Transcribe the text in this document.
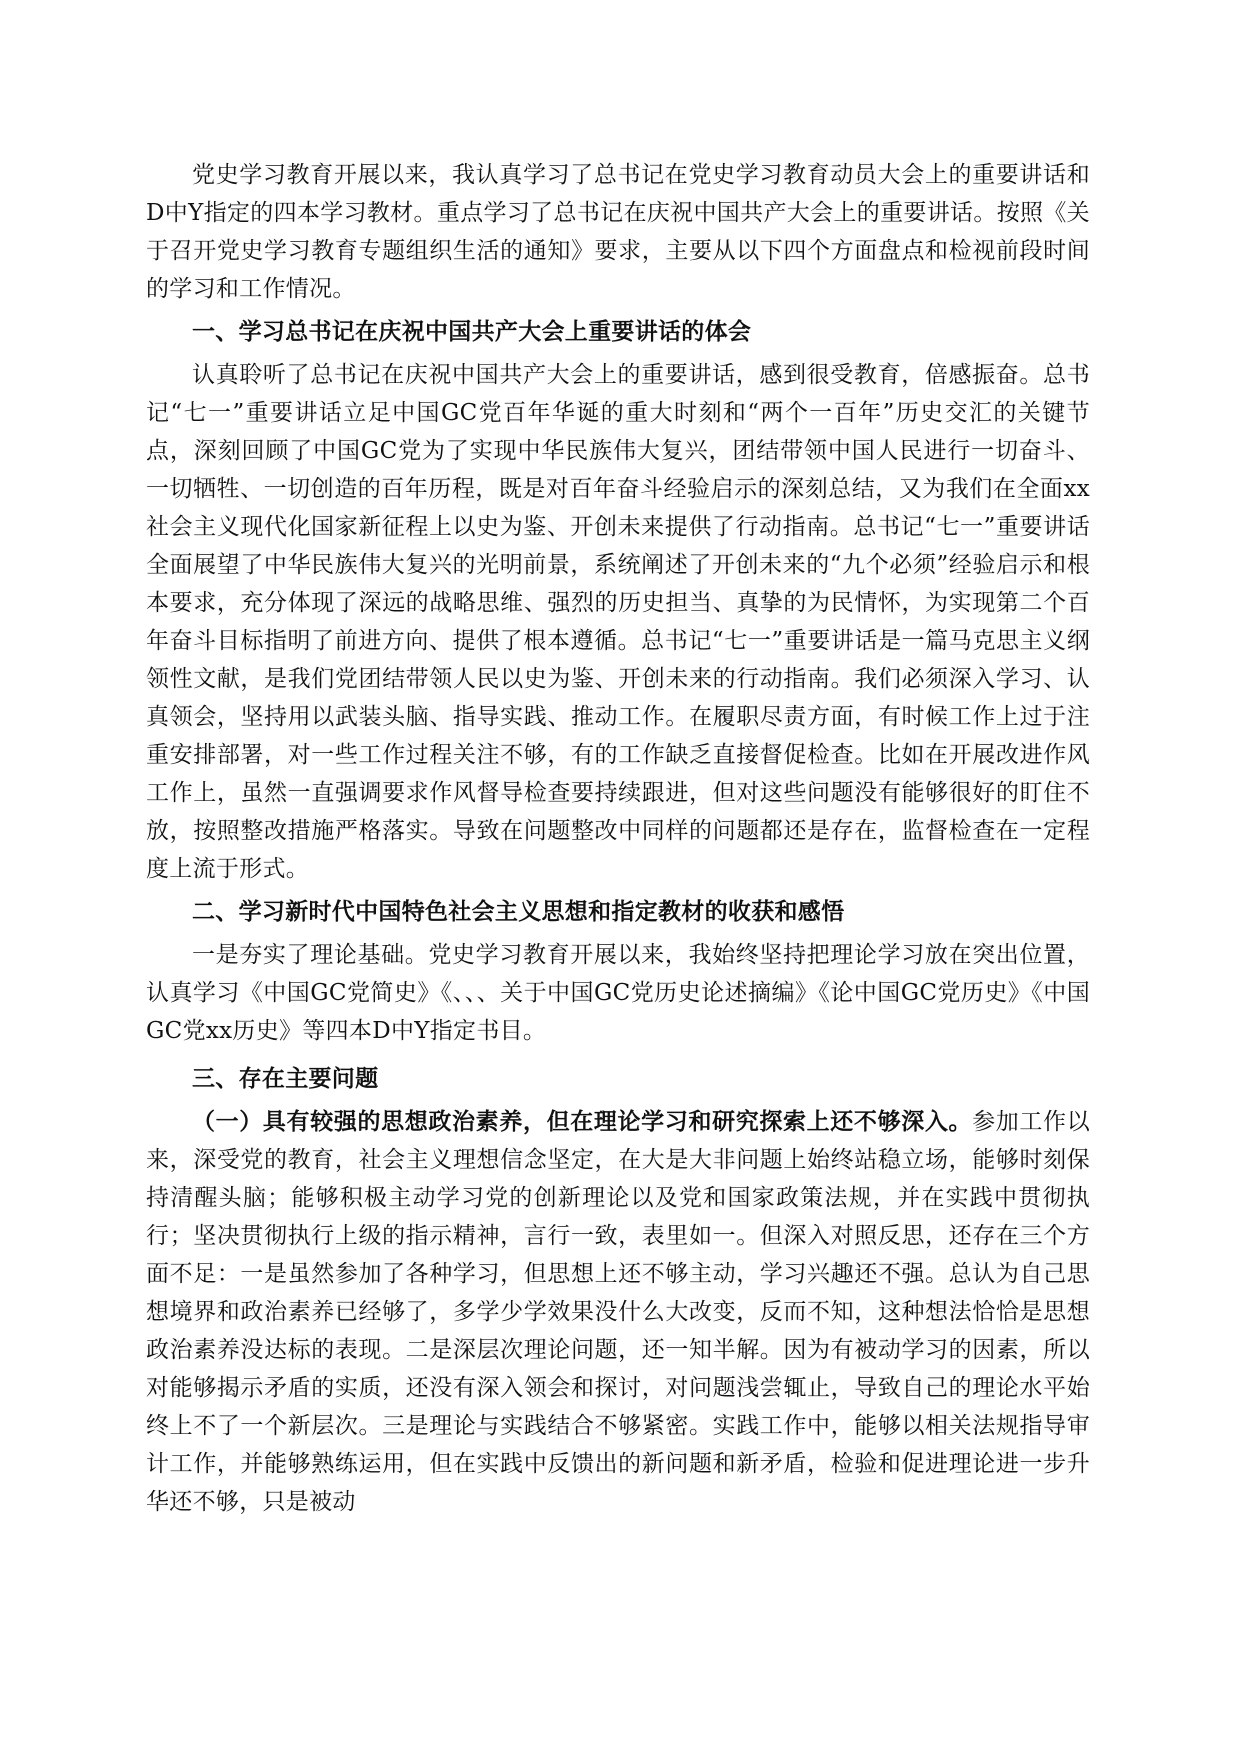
党史学习教育开展以来，我认真学习了总书记在党史学习教育动员大会上的重要讲话和D中Y指定的四本学习教材。重点学习了总书记在庆祝中国共产大会上的重要讲话。按照《关于召开党史学习教育专题组织生活的通知》要求，主要从以下四个方面盘点和检视前段时间的学习和工作情况。

一、学习总书记在庆祝中国共产大会上重要讲话的体会

认真聆听了总书记在庆祝中国共产大会上的重要讲话，感到很受教育，倍感振奋。总书记“七一”重要讲话立足中国GC党百年华诞的重大时刻和“两个一百年”历史交汇的关键节点，深刻回顾了中国GC党为了实现中华民族伟大复兴，团结带领中国人民进行一切奋斗、一切牺牲、一切创造的百年历程，既是对百年奋斗经验启示的深刻总结，又为我们在全面xx社会主义现代化国家新征程上以史为鉴、开创未来提供了行动指南。总书记“七一”重要讲话全面展望了中华民族伟大复兴的光明前景，系统阐述了开创未来的“九个必须”经验启示和根本要求，充分体现了深远的战略思维、强烈的历史担当、真挚的为民情怀，为实现第二个百年奋斗目标指明了前进方向、提供了根本遵循。总书记“七一”重要讲话是一篇马克思主义纲领性文献，是我们党团结带领人民以史为鉴、开创未来的行动指南。我们必须深入学习、认真领会，坚持用以武装头脑、指导实践、推动工作。在履职尽责方面，有时候工作上过于注重安排部署，对一些工作过程关注不够，有的工作缺乏直接督促检查。比如在开展改进作风工作上，虽然一直强调要求作风督导检查要持续跟进，但对这些问题没有能够很好的盯住不放，按照整改措施严格落实。导致在问题整改中同样的问题都还是存在，监督检查在一定程度上流于形式。

二、学习新时代中国特色社会主义思想和指定教材的收获和感悟

一是夯实了理论基础。党史学习教育开展以来，我始终坚持把理论学习放在突出位置，认真学习《中国GC党简史》《、、、关于中国GC党历史论述摘编》《论中国GC党历史》《中国GC党xx历史》等四本D中Y指定书目。

三、存在主要问题

（一）具有较强的思想政治素养，但在理论学习和研究探索上还不够深入。参加工作以来，深受党的教育，社会主义理想信念坚定，在大是大非问题上始终站稳立场，能够时刻保持清醒头脑；能够积极主动学习党的创新理论以及党和国家政策法规，并在实践中贯彻执行；坚决贯彻执行上级的指示精神，言行一致，表里如一。但深入对照反思，还存在三个方面不足：一是虽然参加了各种学习，但思想上还不够主动，学习兴趣还不强。总认为自己思想境界和政治素养已经够了，多学少学效果没什么大改变，反而不知，这种想法恰恰是思想政治素养没达标的表现。二是深层次理论问题，还一知半解。因为有被动学习的因素，所以对能够揭示矛盾的实质，还没有深入领会和探讨，对问题浅尝辄止，导致自己的理论水平始终上不了一个新层次。三是理论与实践结合不够紧密。实践工作中，能够以相关法规指导审计工作，并能够熟练运用，但在实践中反馈出的新问题和新矛盾，检验和促进理论进一步升华还不够，只是被动
